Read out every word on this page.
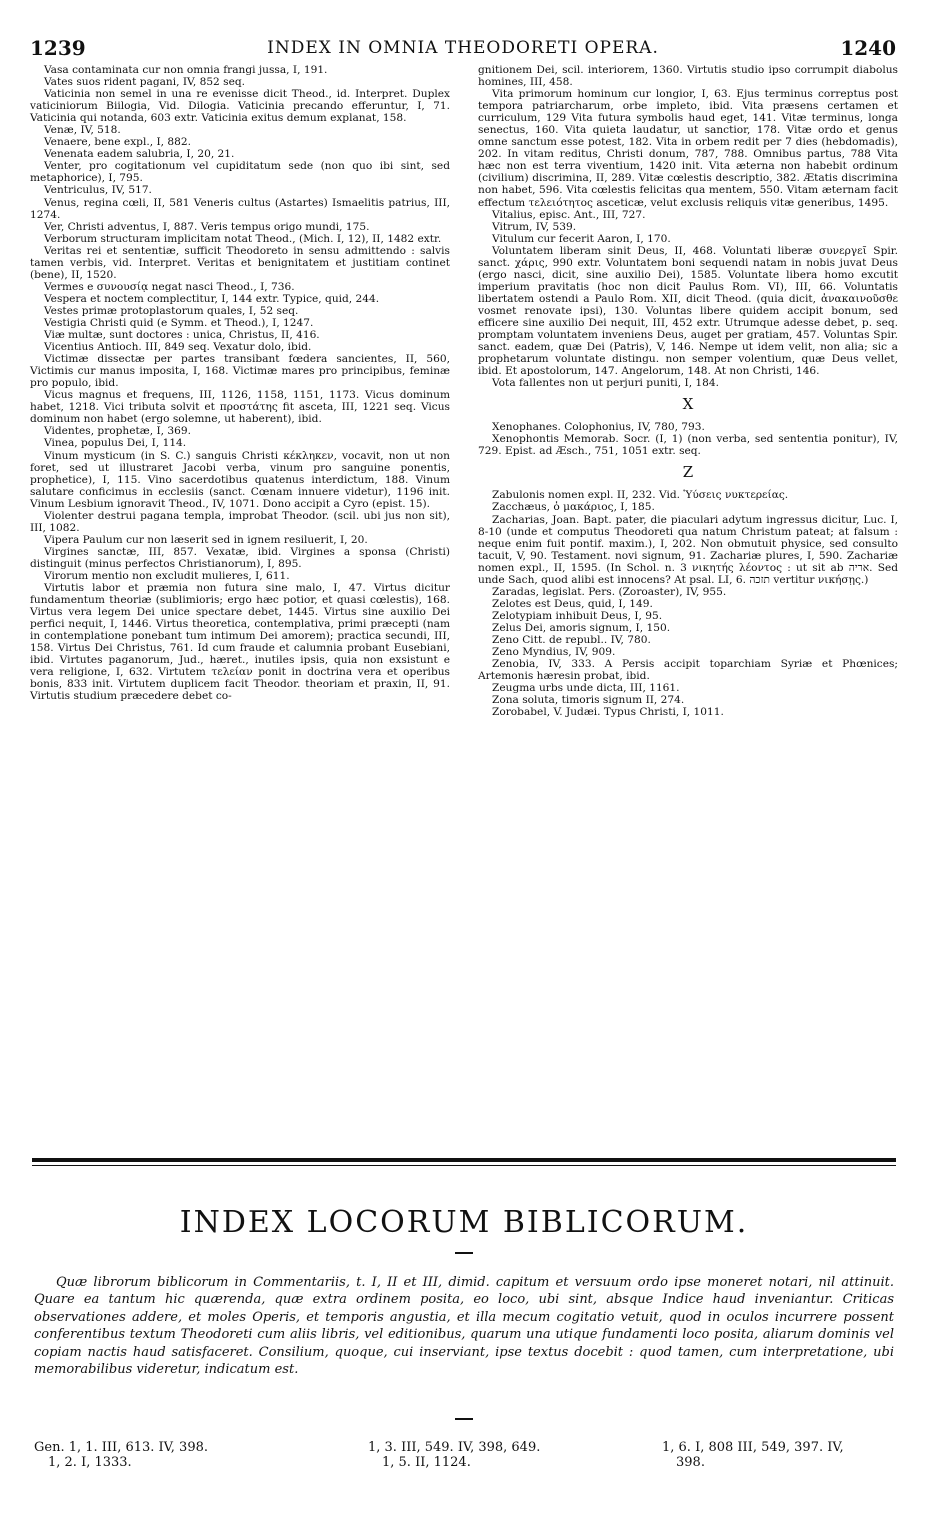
1239	INDEX IN OMNIA THEODORETI OPERA.	1240

Vasa contaminata cur non omnia frangi jussa, I, 191.

Vates suos rident pagani, IV, 852 seq.

Vaticinia non semel in una re evenisse dicit Theod., id. Interpret. Duplex vaticiniorum Biilogia, Vid. Dilogia. Vaticinia precando efferuntur, I, 71. Vaticinia qui notanda, 603 extr. Vaticinia exitus demum explanat, 158.

Venæ, IV, 518.

Venaere, bene expl., I, 882.

Venenata eadem salubria, I, 20, 21.

Venter, pro cogitationum vel cupiditatum sede (non quo ibi sint, sed metaphorice), I, 795.

Ventriculus, IV, 517.

Venus, regina cœli, II, 581 Veneris cultus (Astartes) Ismaelitis patrius, III, 1274.

Ver, Christi adventus, I, 887. Veris tempus origo mundi, 175.

Verborum structuram implicitam notat Theod., (Mich. I, 12), II, 1482 extr.

Veritas rei et sententiæ, sufficit Theodoreto in sensu admittendo : salvis tamen verbis, vid. Interpret. Veritas et benignitatem et justitiam continet (bene), II, 1520.

Vermes e συνουσίᾳ negat nasci Theod., I, 736.

Vespera et noctem complectitur, I, 144 extr. Typice, quid, 244.

Vestes primæ protoplastorum quales, I, 52 seq.

Vestigia Christi quid (e Symm. et Theod.), I, 1247.

Viæ multæ, sunt doctores : unica, Christus, II, 416.

Vicentius Antioch. III, 849 seq. Vexatur dolo, ibid.

Victimæ dissectæ per partes transibant fœdera sancientes, II, 560, Victimis cur manus imposita, I, 168. Victimæ mares pro principibus, feminæ pro populo, ibid.

Vicus magnus et frequens, III, 1126, 1158, 1151, 1173. Vicus dominum habet, 1218. Vici tributa solvit et προστάτης fit asceta, III, 1221 seq. Vicus dominum non habet (ergo solemne, ut haberent), ibid.

Videntes, prophetæ, I, 369.

Vinea, populus Dei, I, 114.

Vinum mysticum (in S. C.) sanguis Christi κέκληκεν, vocavit, non ut non foret, sed ut illustraret Jacobi verba, vinum pro sanguine ponentis, prophetice), I, 115. Vino sacerdotibus quatenus interdictum, 188. Vinum salutare conficimus in ecclesiis (sanct. Cœnam innuere videtur), 1196 init. Vinum Lesbium ignoravit Theod., IV, 1071. Dono accipit a Cyro (epist. 15).

Violenter destrui pagana templa, improbat Theodor. (scil. ubi jus non sit), III, 1082.

Vipera Paulum cur non læserit sed in ignem resiluerit, I, 20.

Virgines sanctæ, III, 857. Vexatæ, ibid. Virgines a sponsa (Christi) distinguit (minus perfectos Christianorum), I, 895.

Virorum mentio non excludit mulieres, I, 611.

Virtutis labor et præmia non futura sine malo, I, 47. Virtus dicitur fundamentum theoriæ (sublimioris; ergo hæc potior, et quasi cœlestis), 168. Virtus vera legem Dei unice spectare debet, 1445. Virtus sine auxilio Dei perfici nequit, I, 1446. Virtus theoretica, contemplativa, primi præcepti (nam in contemplatione ponebant tum intimum Dei amorem); practica secundi, III, 158. Virtus Dei Christus, 761. Id cum fraude et calumnia probant Eusebiani, ibid. Virtutes paganorum, Jud., hæret., inutiles ipsis, quia non exsistunt e vera religione, I, 632. Virtutem τελείαν ponit in doctrina vera et operibus bonis, 833 init. Virtutem duplicem facit Theodor. theoriam et praxin, II, 91. Virtutis studium præcedere debet co-

gnitionem Dei, scil. interiorem, 1360. Virtutis studio ipso corrumpit diabolus homines, III, 458.

Vita primorum hominum cur longior, I, 63. Ejus terminus correptus post tempora patriarcharum, orbe impleto, ibid. Vita præsens certamen et curriculum, 129 Vita futura symbolis haud eget, 141. Vitæ terminus, longa senectus, 160. Vita quieta laudatur, ut sanctior, 178. Vitæ ordo et genus omne sanctum esse potest, 182. Vita in orbem redit per 7 dies (hebdomadis), 202. In vitam reditus, Christi donum, 787, 788. Omnibus partus, 788 Vita hæc non est terra viventium, 1420 init. Vita æterna non habebit ordinum (civilium) discrimina, II, 289. Vitæ cœlestis descriptio, 382. Ætatis discrimina non habet, 596. Vita cœlestis felicitas qua mentem, 550. Vitam æternam facit effectum τελειότητος asceticæ, velut exclusis reliquis vitæ generibus, 1495.

Vitalius, episc. Ant., III, 727.

Vitrum, IV, 539.

Vitulum cur fecerit Aaron, I, 170.

Voluntatem liberam sinit Deus, II, 468. Voluntati liberæ συνεργεῖ Spir. sanct. χάρις, 990 extr. Voluntatem boni sequendi natam in nobis juvat Deus (ergo nasci, dicit, sine auxilio Dei), 1585. Voluntate libera homo excutit imperium pravitatis (hoc non dicit Paulus Rom. VI), III, 66. Voluntatis libertatem ostendi a Paulo Rom. XII, dicit Theod. (quia dicit, ἀνακαινοῦσθε vosmet renovate ipsi), 130. Voluntas libere quidem accipit bonum, sed efficere sine auxilio Dei nequit, III, 452 extr. Utrumque adesse debet, p. seq. promptam voluntatem inveniens Deus, auget per gratiam, 457. Voluntas Spir. sanct. eadem, quæ Dei (Patris), V, 146. Nempe ut idem velit, non alia; sic a prophetarum voluntate distingu. non semper volentium, quæ Deus vellet, ibid. Et apostolorum, 147. Angelorum, 148. At non Christi, 146.

Vota fallentes non ut perjuri puniti, I, 184.

X

Xenophanes. Colophonius, IV, 780, 793.

Xenophontis Memorab. Socr. (I, 1) (non verba, sed sententia ponitur), IV, 729. Epist. ad Æsch., 751, 1051 extr. seq.

Z

Zabulonis nomen expl. II, 232. Vid. Ὑύσεις νυκτερείας.

Zacchæus, ὁ μακάριος, I, 185.

Zacharias, Joan. Bapt. pater, die piaculari adytum ingressus dicitur, Luc. I, 8-10 (unde et computus Theodoreti qua natum Christum pateat; at falsum : neque enim fuit pontif. maxim.), I, 202. Non obmutuit physice, sed consulto tacuit, V, 90. Testament. novi signum, 91. Zachariæ plures, I, 590. Zachariæ nomen expl., II, 1595. (In Schol. n. 3 νικητής λέοντος : ut sit ab אריה. Sed unde Sach, quod alibi est innocens? At psal. LI, 6. תזכה vertitur νικήσῃς.)

Zaradas, legislat. Pers. (Zoroaster), IV, 955.

Zelotes est Deus, quid, I, 149.

Zelotypiam inhibuit Deus, I, 95.

Zelus Dei, amoris signum, I, 150.

Zeno Citt. de republ.. IV, 780.

Zeno Myndius, IV, 909.

Zenobia, IV, 333. A Persis accipit toparchiam Syriæ et Phœnices; Artemonis hæresin probat, ibid.

Zeugma urbs unde dicta, III, 1161.

Zona soluta, timoris signum II, 274.

Zorobabel, V. Judæi. Typus Christi, I, 1011.

INDEX LOCORUM BIBLICORUM.

Quæ librorum biblicorum in Commentariis, t. I, II et III, dimid. capitum et versuum ordo ipse moneret notari, nil attinuit. Quare ea tantum hic quærenda, quæ extra ordinem posita, eo loco, ubi sint, absque Indice haud inveniantur. Criticas observationes addere, et moles Operis, et temporis angustia, et illa mecum cogitatio vetuit, quod in oculos incurrere possent conferentibus textum Theodoreti cum aliis libris, vel editionibus, quarum una utique fundamenti loco posita, aliarum dominis vel copiam nactis haud satisfaceret. Consilium, quoque, cui inserviant, ipse textus docebit : quod tamen, cum interpretatione, ubi memorabilibus videretur, indicatum est.

Gen. 1, 1. III, 613. IV, 398.

1, 2. I, 1333.

1, 3. III, 549. IV, 398, 649.

1, 5. II, 1124.

1, 6. I, 808 III, 549, 397. IV,

398.
